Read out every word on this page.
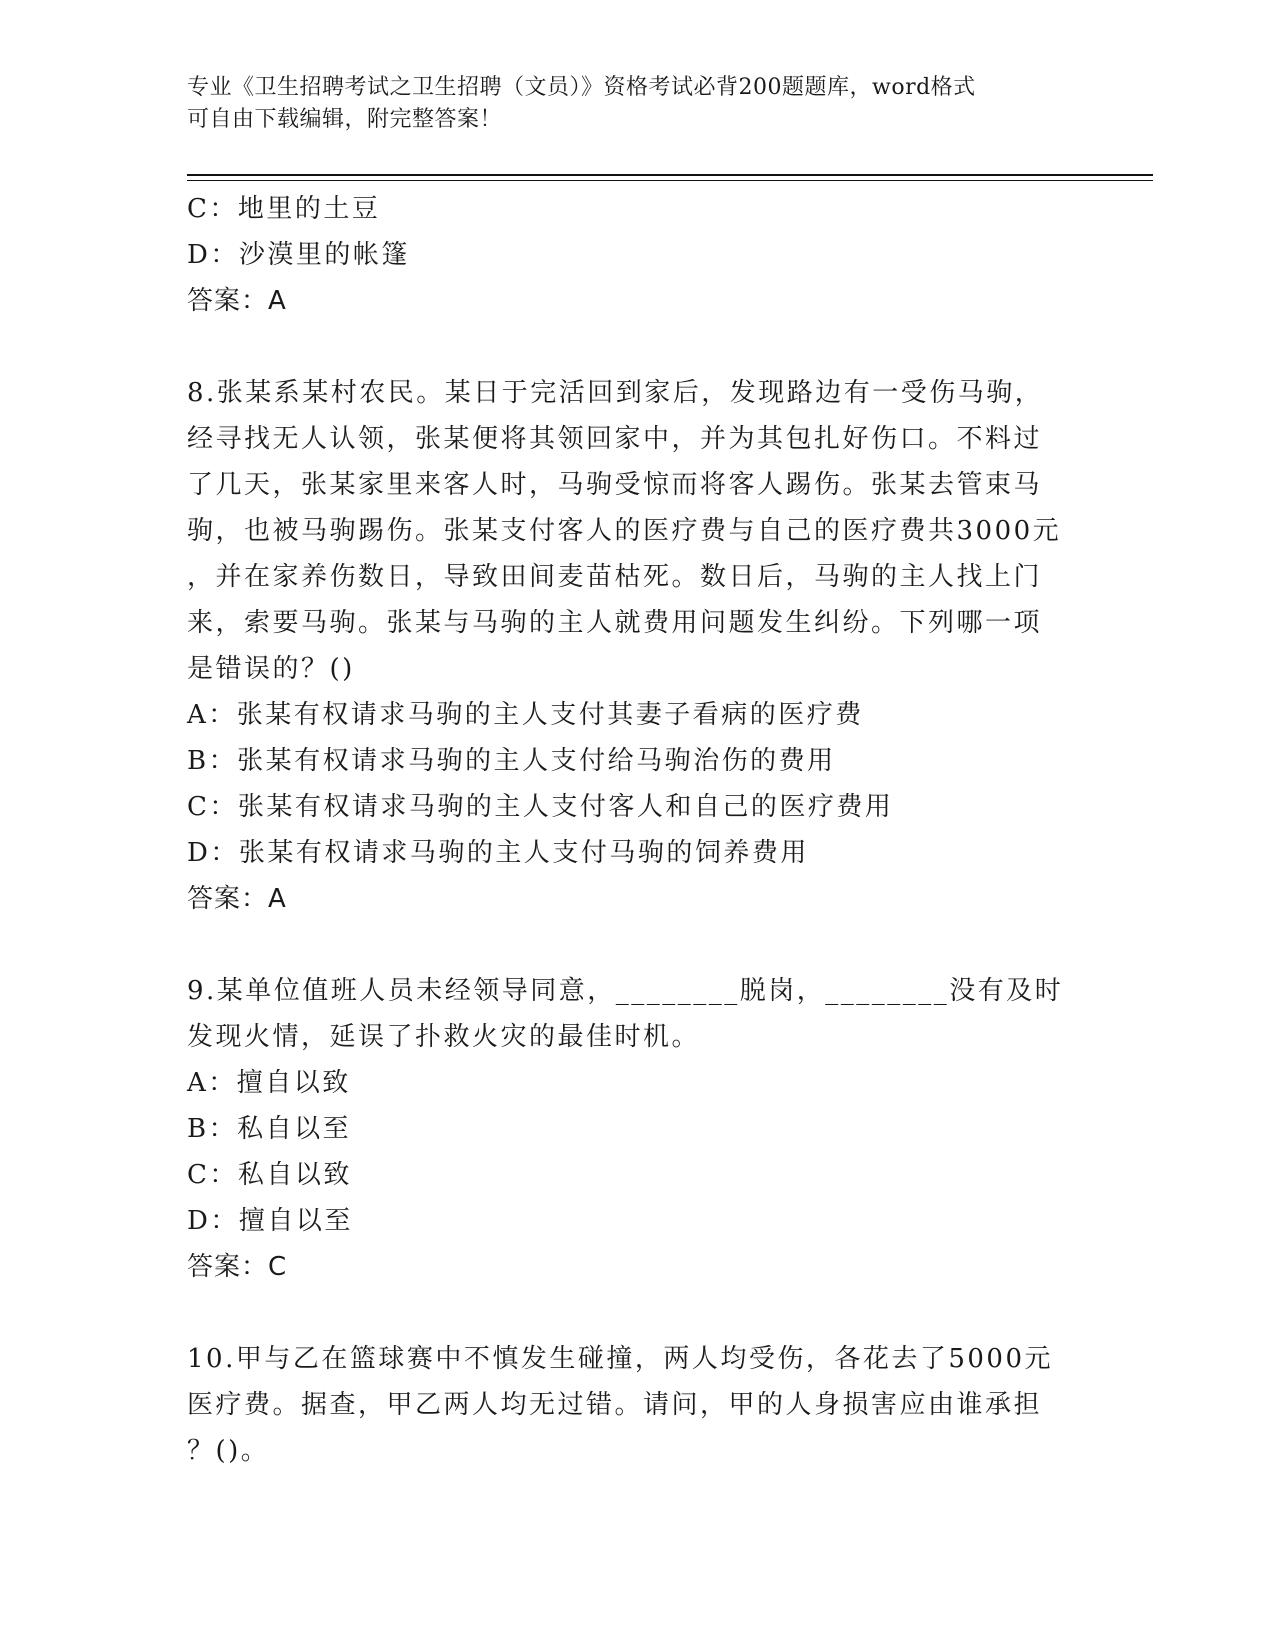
专业《卫生招聘考试之卫生招聘（文员）》资格考试必背200题题库，word格式
可自由下载编辑，附完整答案！
C：地里的土豆
D：沙漠里的帐篷
答案：A
8.张某系某村农民。某日于完活回到家后，发现路边有一受伤马驹，
经寻找无人认领，张某便将其领回家中，并为其包扎好伤口。不料过
了几天，张某家里来客人时，马驹受惊而将客人踢伤。张某去管束马
驹，也被马驹踢伤。张某支付客人的医疗费与自己的医疗费共3000元
，并在家养伤数日，导致田间麦苗枯死。数日后，马驹的主人找上门
来，索要马驹。张某与马驹的主人就费用问题发生纠纷。下列哪一项
是错误的？()
A：张某有权请求马驹的主人支付其妻子看病的医疗费
B：张某有权请求马驹的主人支付给马驹治伤的费用
C：张某有权请求马驹的主人支付客人和自己的医疗费用
D：张某有权请求马驹的主人支付马驹的饲养费用
答案：A
9.某单位值班人员未经领导同意，________脱岗，________没有及时
发现火情，延误了扑救火灾的最佳时机。
A：擅自以致
B：私自以至
C：私自以致
D：擅自以至
答案：C
10.甲与乙在篮球赛中不慎发生碰撞，两人均受伤，各花去了5000元
医疗费。据查，甲乙两人均无过错。请问，甲的人身损害应由谁承担
？()。
